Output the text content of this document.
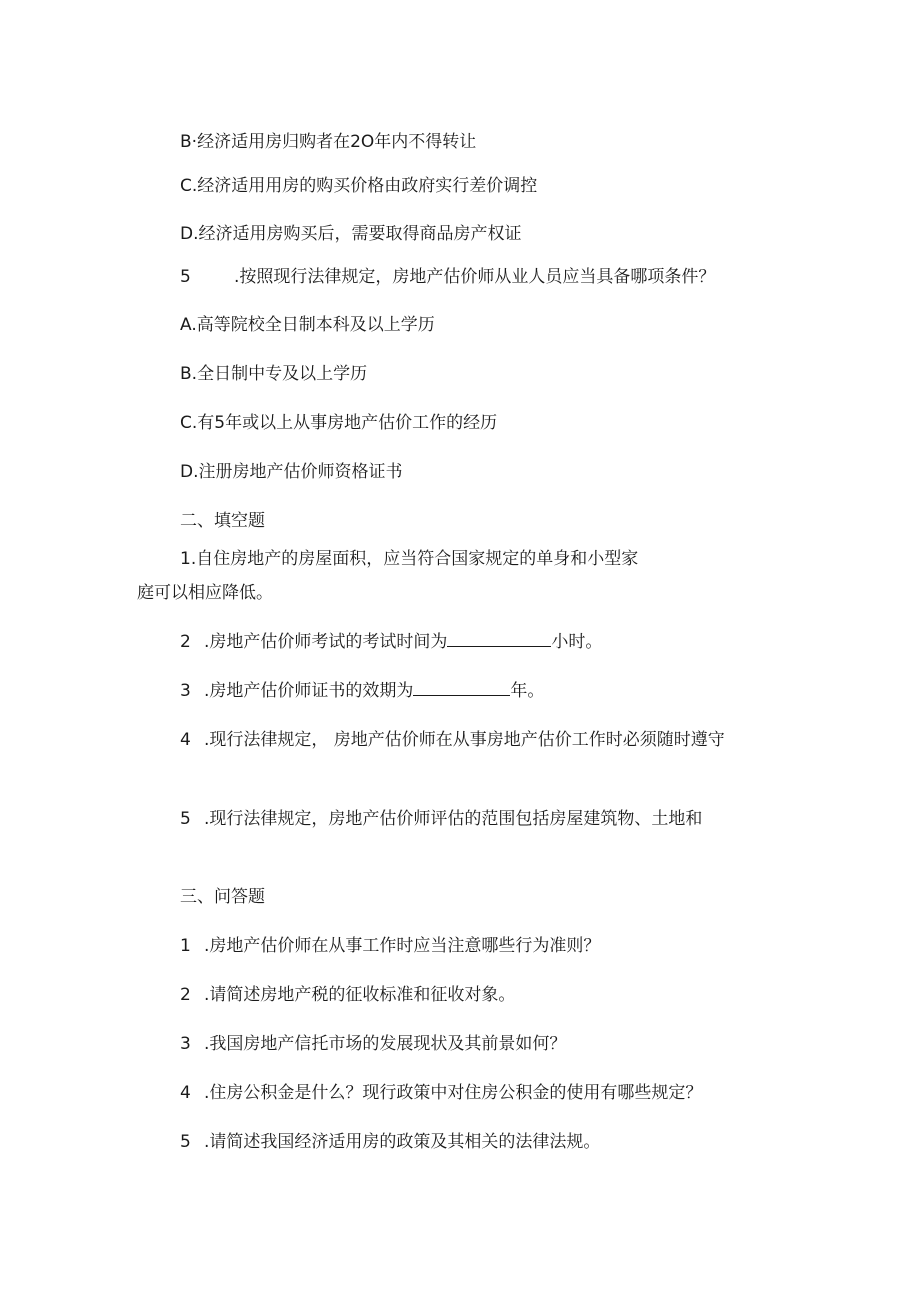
B·经济适用房归购者在2O年内不得转让
C.经济适用用房的购买价格由政府实行差价调控
D.经济适用房购买后，需要取得商品房产权证
5	.按照现行法律规定，房地产估价师从业人员应当具备哪项条件？
A.高等院校全日制本科及以上学历
B.全日制中专及以上学历
C.有5年或以上从事房地产估价工作的经历
D.注册房地产估价师资格证书
二、填空题
1.自住房地产的房屋面积，应当符合国家规定的单身和小型家
庭可以相应降低。
2 .房地产估价师考试的考试时间为	小时。
3 .房地产估价师证书的效期为	年。
4 .现行法律规定， 房地产估价师在从事房地产估价工作时必须随时遵守
5 .现行法律规定，房地产估价师评估的范围包括房屋建筑物、土地和
三、问答题
1 .房地产估价师在从事工作时应当注意哪些行为准则？
2 .请简述房地产税的征收标准和征收对象。
3 .我国房地产信托市场的发展现状及其前景如何？
4 .住房公积金是什么？现行政策中对住房公积金的使用有哪些规定？
5 .请简述我国经济适用房的政策及其相关的法律法规。
